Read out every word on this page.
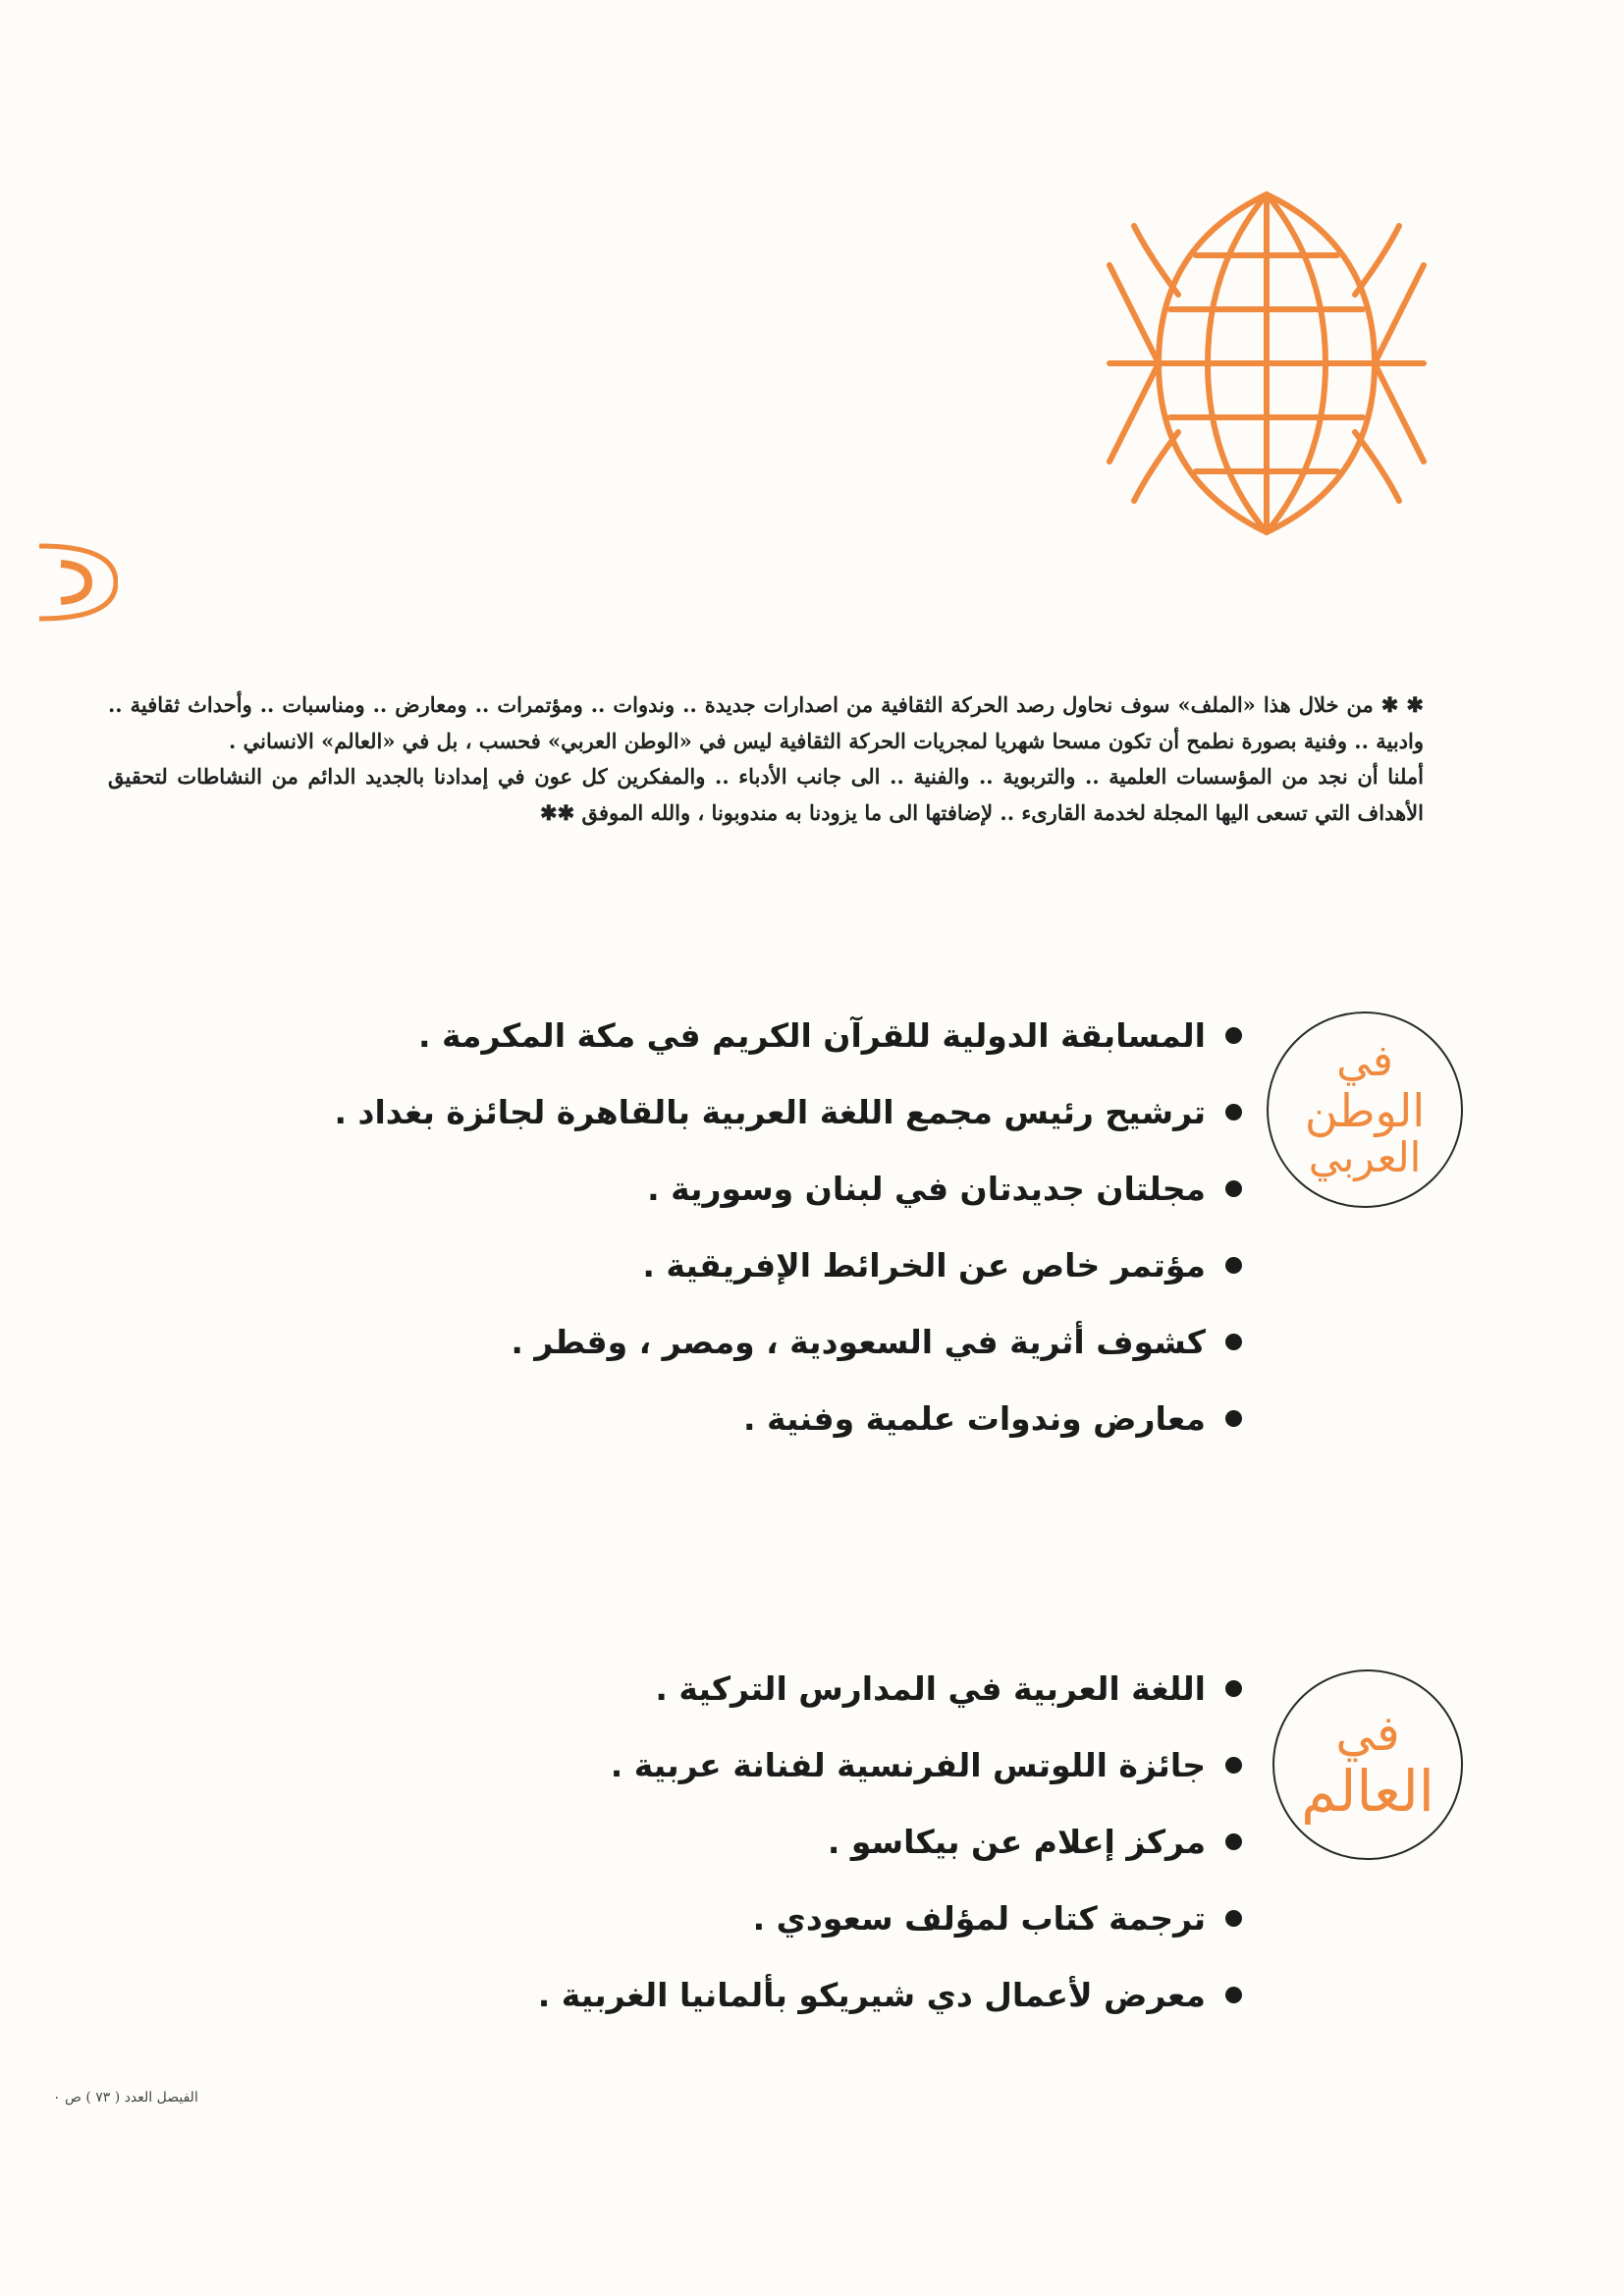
✱ ✱ من خلال هذا «الملف» سوف نحاول رصد الحركة الثقافية من اصدارات جديدة .. وندوات .. ومؤتمرات .. ومعارض .. ومناسبات .. وأحداث ثقافية .. وادبية .. وفنية بصورة نطمح أن تكون مسحا شهريا لمجريات الحركة الثقافية ليس في «الوطن العربي» فحسب ، بل في «العالم» الانساني .

أملنا أن نجد من المؤسسات العلمية .. والتربوية .. والفنية .. الى جانب الأدباء .. والمفكرين كل عون في إمدادنا بالجديد الدائم من النشاطات لتحقيق الأهداف التي تسعى اليها المجلة لخدمة القارىء .. لإضافتها الى ما يزودنا به مندوبونا ، والله الموفق ✱✱

في
الوطن
العربي
المسابقة الدولية للقرآن الكريم في مكة المكرمة .
ترشيح رئيس مجمع اللغة العربية بالقاهرة لجائزة بغداد .
مجلتان جديدتان في لبنان وسورية .
مؤتمر خاص عن الخرائط الإفريقية .
كشوف أثرية في السعودية ، ومصر ، وقطر .
معارض وندوات علمية وفنية .
في
العالم
اللغة العربية في المدارس التركية .
جائزة اللوتس الفرنسية لفنانة عربية .
مركز إعلام عن بيكاسو .
ترجمة كتاب لمؤلف سعودي .
معرض لأعمال دي شيريكو بألمانيا الغربية .
الفيصل العدد ( ٧٣ ) ص ٠
